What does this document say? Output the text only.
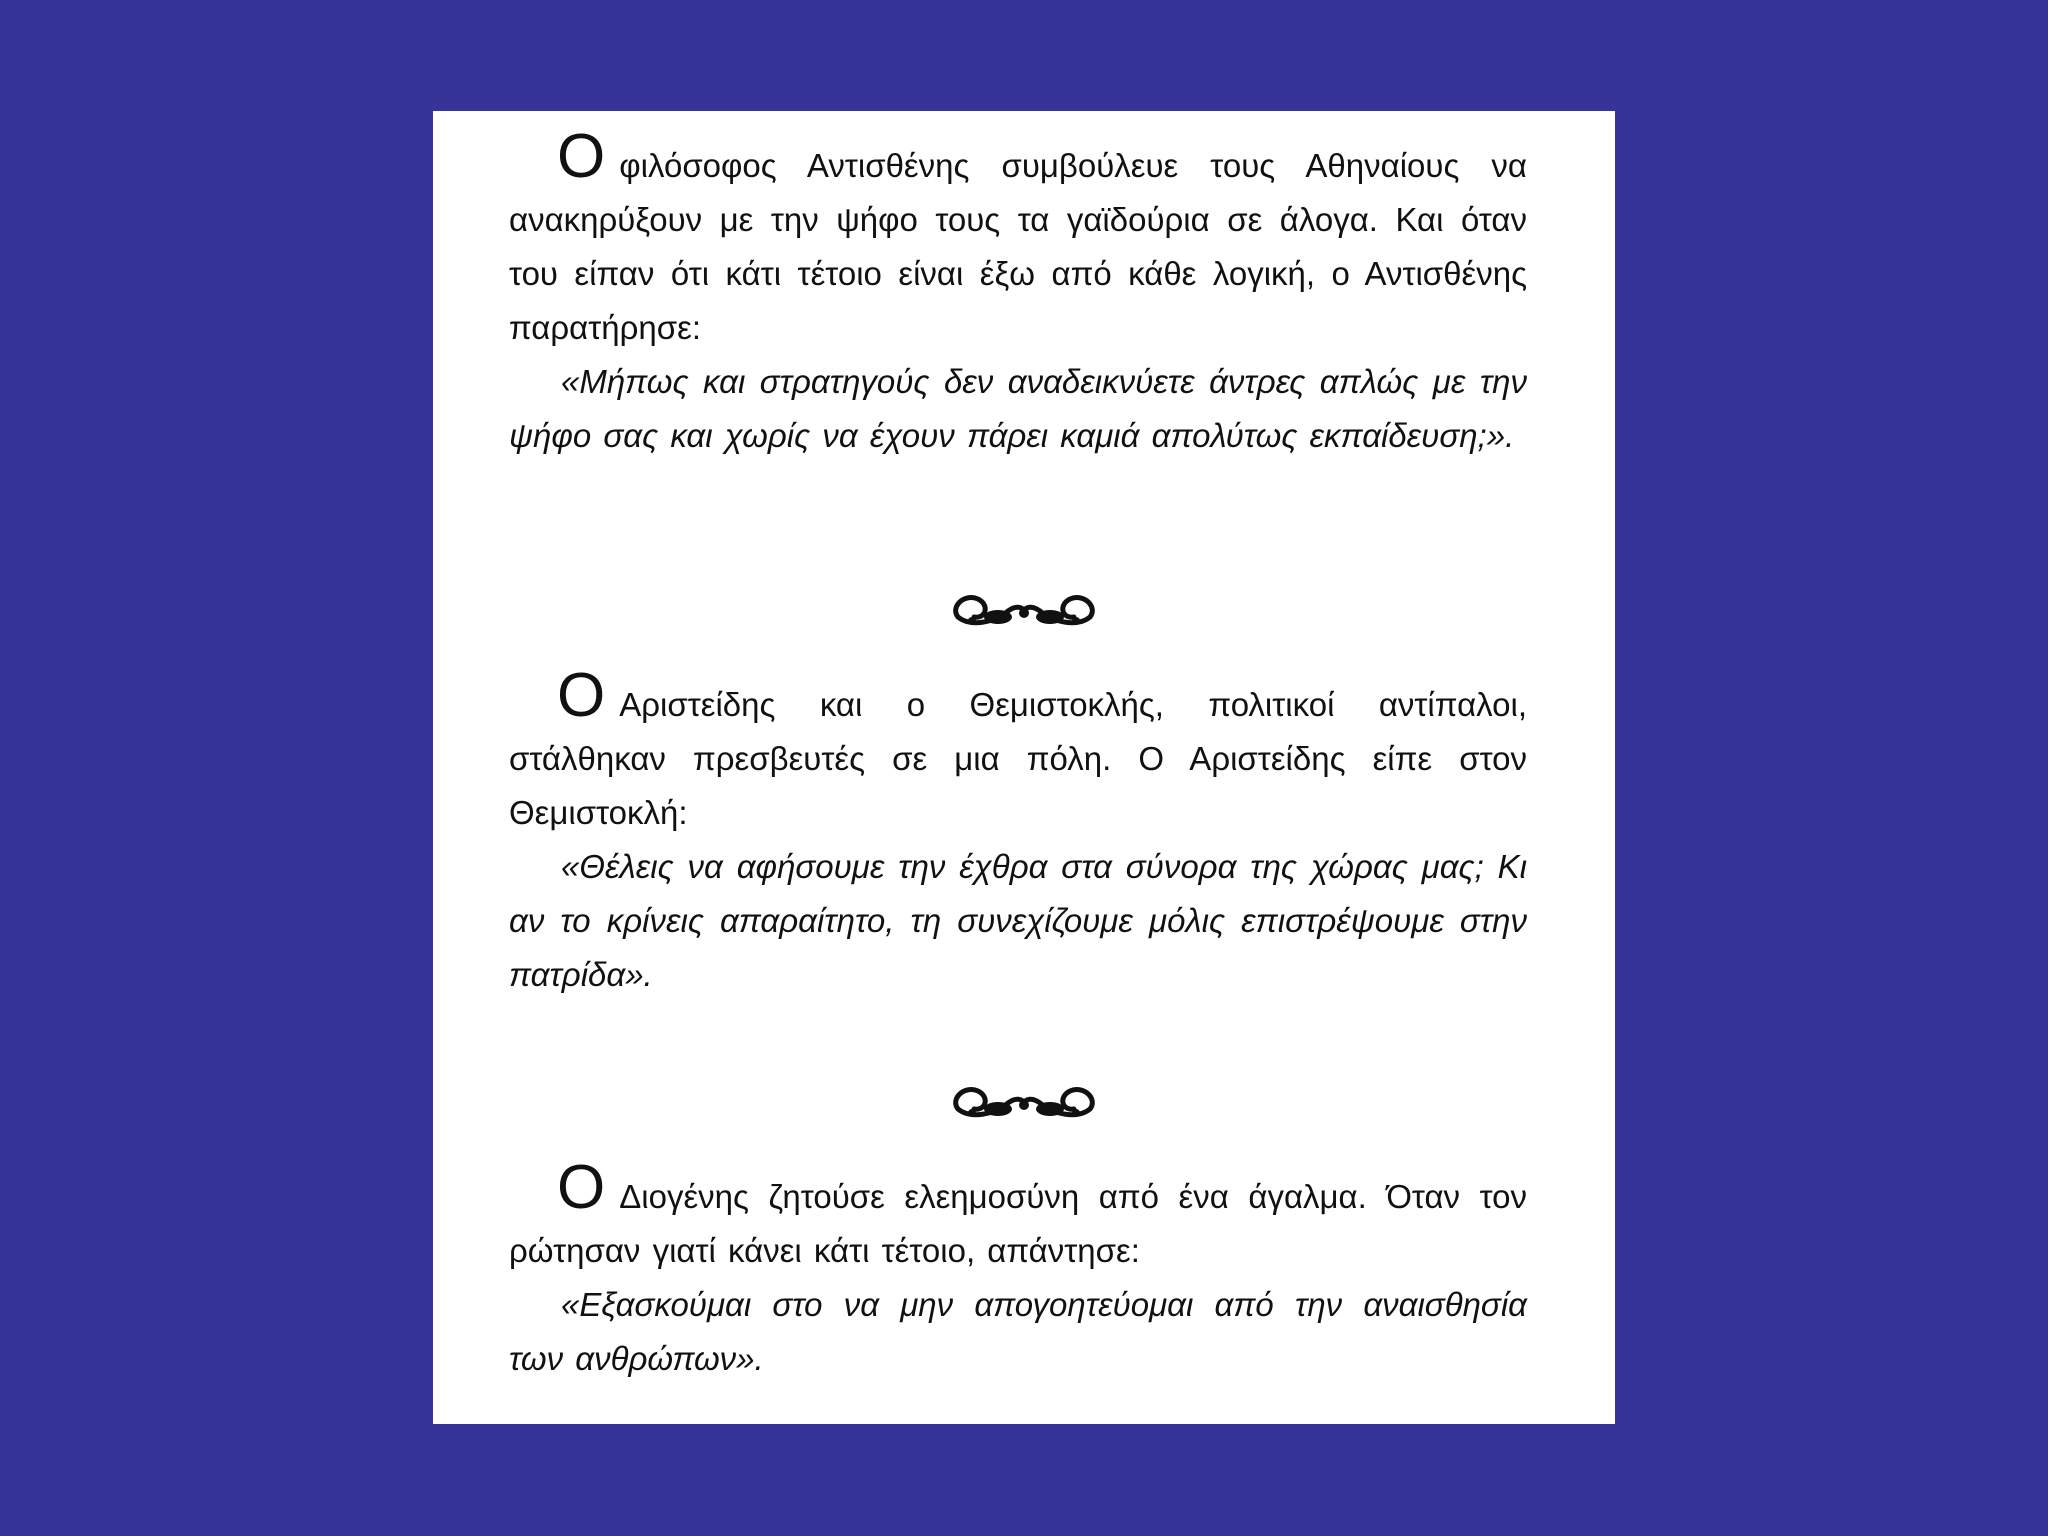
Οφιλόσοφος Αντισθένης συμβούλευε τους Αθηναίους να ανακηρύξουν με την ψήφο τους τα γαϊδούρια σε άλογα. Και όταν του είπαν ότι κάτι τέτοιο είναι έξω από κάθε λογική, ο Αντισθένης παρατήρησε:

«Μήπως και στρατηγούς δεν αναδεικνύετε άντρες απλώς με την ψήφο σας και χωρίς να έχουν πάρει καμιά απολύτως εκπαίδευση;».

Ο Αριστείδης και ο Θεμιστοκλής, πολιτικοί αντίπαλοι, στάλθηκαν πρεσβευτές σε μια πόλη. Ο Αριστείδης είπε στον Θεμιστοκλή:

«Θέλεις να αφήσουμε την έχθρα στα σύνορα της χώρας μας; Κι αν το κρίνεις απαραίτητο, τη συνεχίζουμε μόλις επιστρέψουμε στην πατρίδα».

Ο Διογένης ζητούσε ελεημοσύνη από ένα άγαλμα. Όταν τον ρώτησαν γιατί κάνει κάτι τέτοιο, απάντησε:

«Εξασκούμαι στο να μην απογοητεύομαι από την αναισθησία των ανθρώπων».
